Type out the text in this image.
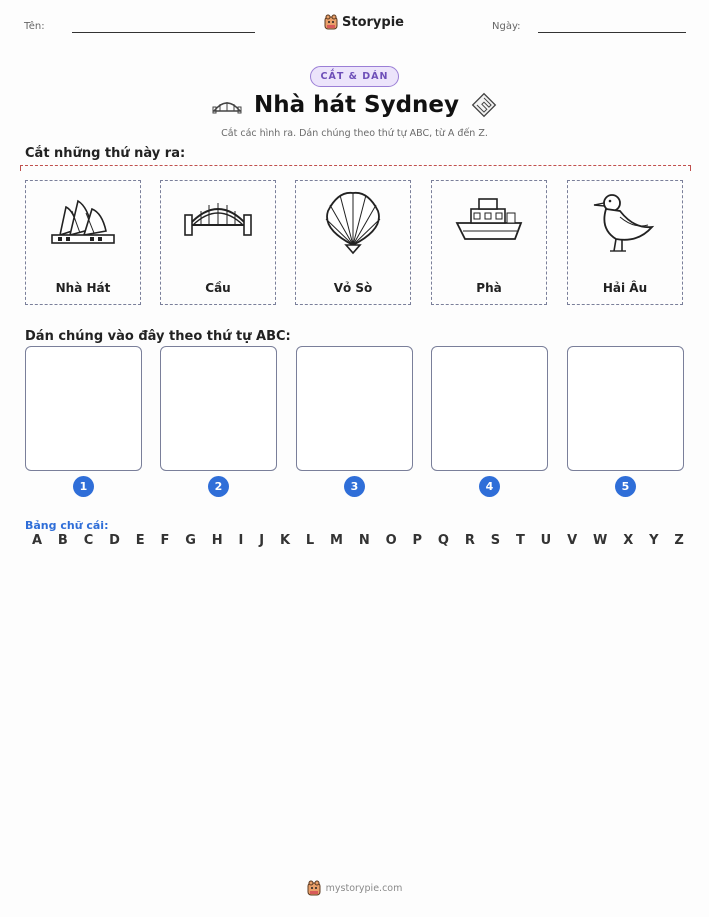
Tên:	Storypie	Ngày:
CẮT & DÁN
Nhà hát Sydney
Cắt các hình ra. Dán chúng theo thứ tự ABC, từ A đến Z.
Cắt những thứ này ra:
Nhà Hát	Cầu	Vỏ Sò	Phà	Hải Âu
Dán chúng vào đây theo thứ tự ABC:
1	2	3	4	5
Bảng chữ cái:
A B C D E F G H I J K L M N O P Q R S T U V W X Y Z
mystorypie.com
